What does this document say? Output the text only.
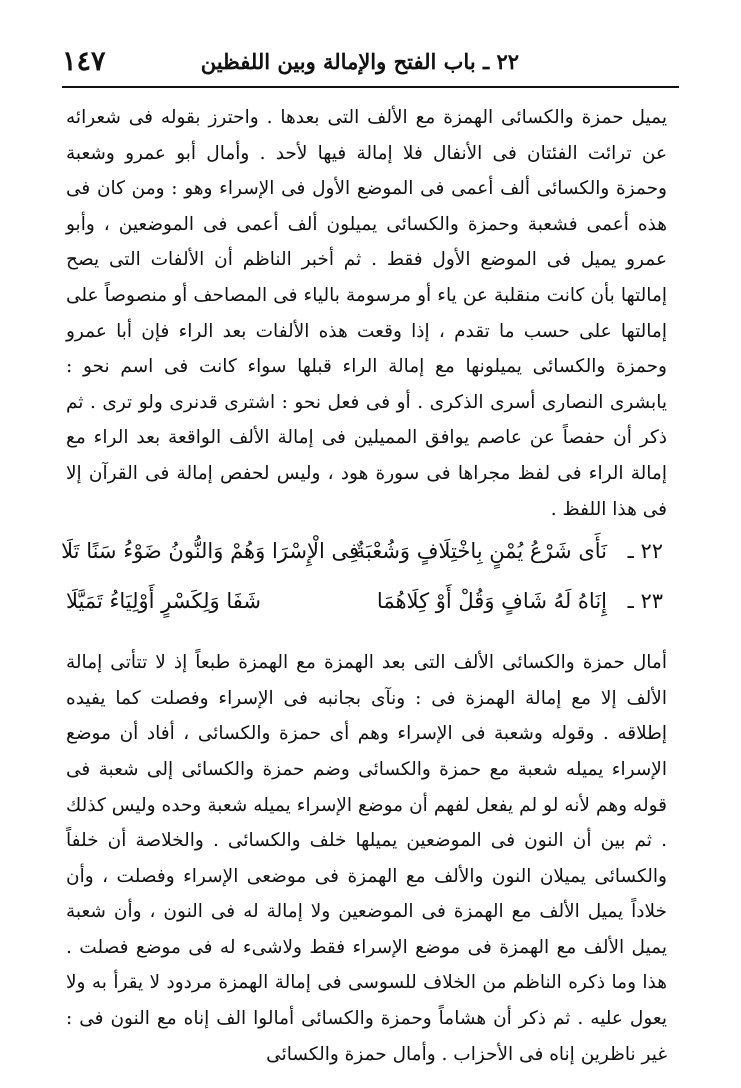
٢٢ ـ باب الفتح والإمالة وبين اللفظين
١٤٧

يميل حمزة والكسائى الهمزة مع الألف التى بعدها . واحترز بقوله فى شعرائه عن ترائت الفئتان فى الأنفال فلا إمالة فيها لأحد . وأمال أبو عمرو وشعبة وحمزة والكسائى ألف أعمى فى الموضع الأول فى الإسراء وهو : ومن كان فى هذه أعمى فشعبة وحمزة والكسائى يميلون ألف أعمى فى الموضعين ، وأبو عمرو يميل فى الموضع الأول فقط . ثم أخبر الناظم أن الألفات التى يصح إمالتها بأن كانت منقلبة عن ياء أو مرسومة بالياء فى المصاحف أو منصوصاً على إمالتها على حسب ما تقدم ، إذا وقعت هذه الألفات بعد الراء فإن أبا عمرو وحمزة والكسائى يميلونها مع إمالة الراء قبلها سواء كانت فى اسم نحو : يابشرى النصارى أسرى الذكرى . أو فى فعل نحو : اشترى قدنرى ولو ترى . ثم ذكر أن حفصاً عن عاصم يوافق المميلين فى إمالة الألف الواقعة بعد الراء مع إمالة الراء فى لفظ مجراها فى سورة هود ، وليس لحفص إمالة فى القرآن إلا فى هذا اللفظ .

٢٢ ـ
نَأَى شَرْعُ يُمْنٍ بِاخْتِلَافٍ وَشُعْبَةٌ
فِى الْإِسْرَا وَهُمْ وَالنُّونُ ضَوْءُ سَنًا تَلَا
٢٣ ـ
إِنَاهُ لَهُ شَافٍ وَقُلْ أَوْ كِلَاهُمَا
شَفَا وَلِكَسْرٍ أَوْلِيَاءُ تَمَيَّلَا

أمال حمزة والكسائى الألف التى بعد الهمزة مع الهمزة طبعاً إذ لا تتأتى إمالة الألف إلا مع إمالة الهمزة فى : ونآى بجانبه فى الإسراء وفصلت كما يفيده إطلاقه . وقوله وشعبة فى الإسراء وهم أى حمزة والكسائى ، أفاد أن موضع الإسراء يميله شعبة مع حمزة والكسائى وضم حمزة والكسائى إلى شعبة فى قوله وهم لأنه لو لم يفعل لفهم أن موضع الإسراء يميله شعبة وحده وليس كذلك . ثم بين أن النون فى الموضعين يميلها خلف والكسائى . والخلاصة أن خلفاً والكسائى يميلان النون والألف مع الهمزة فى موضعى الإسراء وفصلت ، وأن خلاداً يميل الألف مع الهمزة فى الموضعين ولا إمالة له فى النون ، وأن شعبة يميل الألف مع الهمزة فى موضع الإسراء فقط ولاشىء له فى موضع فصلت . هذا وما ذكره الناظم من الخلاف للسوسى فى إمالة الهمزة مردود لا يقرأ به ولا يعول عليه . ثم ذكر أن هشاماً وحمزة والكسائى أمالوا الف إناه مع النون فى : غير ناظرين إناه فى الأحزاب . وأمال حمزة والكسائى
